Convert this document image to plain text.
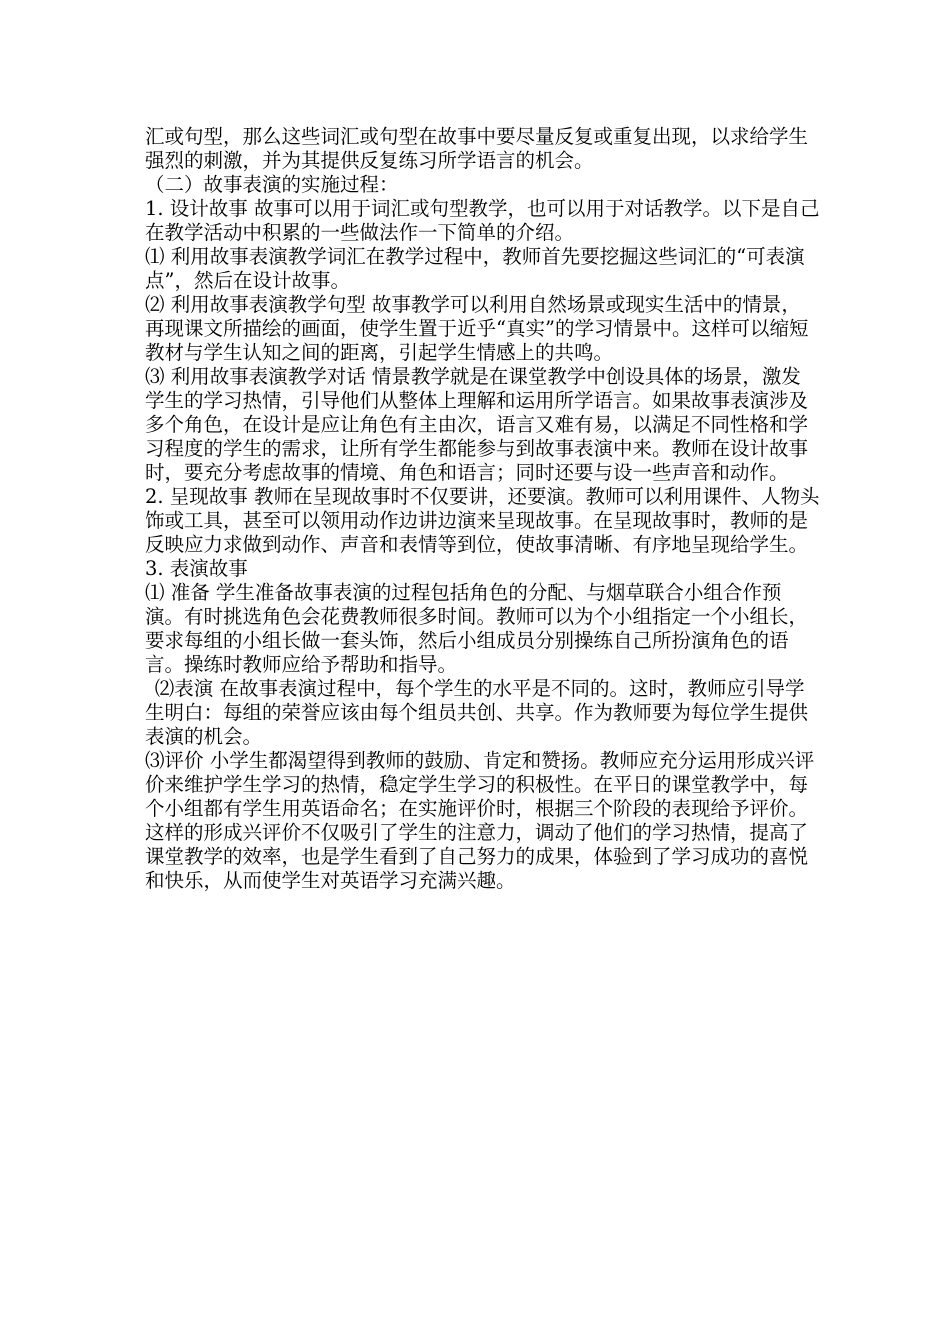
汇或句型，那么这些词汇或句型在故事中要尽量反复或重复出现，以求给学生强烈的刺激，并为其提供反复练习所学语言的机会。

（二）故事表演的实施过程：

1. 设计故事 故事可以用于词汇或句型教学，也可以用于对话教学。以下是自己在教学活动中积累的一些做法作一下简单的介绍。

⑴ 利用故事表演教学词汇在教学过程中，教师首先要挖掘这些词汇的“可表演点”，然后在设计故事。

⑵ 利用故事表演教学句型 故事教学可以利用自然场景或现实生活中的情景，再现课文所描绘的画面，使学生置于近乎“真实”的学习情景中。这样可以缩短教材与学生认知之间的距离，引起学生情感上的共鸣。

⑶ 利用故事表演教学对话 情景教学就是在课堂教学中创设具体的场景，激发学生的学习热情，引导他们从整体上理解和运用所学语言。如果故事表演涉及多个角色，在设计是应让角色有主由次，语言又难有易，以满足不同性格和学习程度的学生的需求，让所有学生都能参与到故事表演中来。教师在设计故事时，要充分考虑故事的情境、角色和语言；同时还要与设一些声音和动作。

2. 呈现故事 教师在呈现故事时不仅要讲，还要演。教师可以利用课件、人物头饰或工具，甚至可以领用动作边讲边演来呈现故事。在呈现故事时，教师的是反映应力求做到动作、声音和表情等到位，使故事清晰、有序地呈现给学生。

3. 表演故事

⑴ 准备 学生准备故事表演的过程包括角色的分配、与烟草联合小组合作预演。有时挑选角色会花费教师很多时间。教师可以为个小组指定一个小组长，要求每组的小组长做一套头饰，然后小组成员分别操练自己所扮演角色的语言。操练时教师应给予帮助和指导。

⑵表演 在故事表演过程中，每个学生的水平是不同的。这时，教师应引导学生明白：每组的荣誉应该由每个组员共创、共享。作为教师要为每位学生提供表演的机会。

⑶评价 小学生都渴望得到教师的鼓励、肯定和赞扬。教师应充分运用形成兴评价来维护学生学习的热情，稳定学生学习的积极性。在平日的课堂教学中，每个小组都有学生用英语命名；在实施评价时，根据三个阶段的表现给予评价。这样的形成兴评价不仅吸引了学生的注意力，调动了他们的学习热情，提高了课堂教学的效率，也是学生看到了自己努力的成果，体验到了学习成功的喜悦和快乐，从而使学生对英语学习充满兴趣。
